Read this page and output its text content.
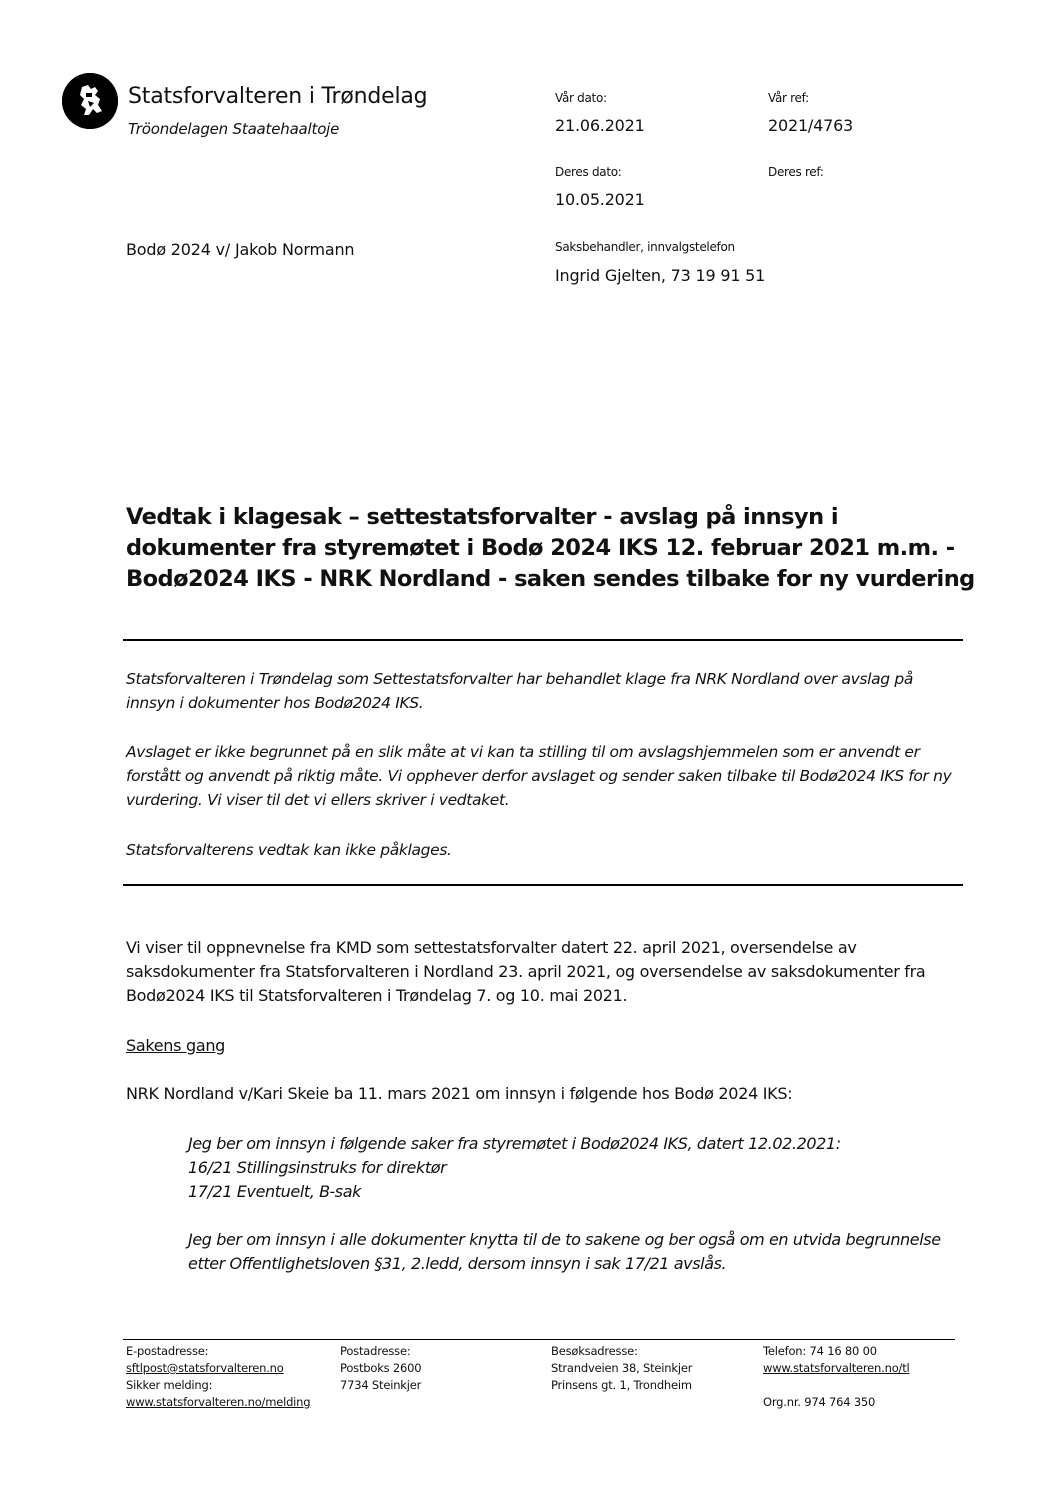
Statsforvalteren i Trøndelag
Tröondelagen Staatehaaltoje
Vår dato:
21.06.2021
Vår ref:
2021/4763
Deres dato:
10.05.2021
Deres ref:
Saksbehandler, innvalgstelefon
Ingrid Gjelten, 73 19 91 51
Bodø 2024 v/ Jakob Normann
Vedtak i klagesak – settestatsforvalter - avslag på innsyn i dokumenter fra styremøtet i Bodø 2024 IKS 12. februar 2021 m.m. - Bodø2024 IKS - NRK Nordland - saken sendes tilbake for ny vurdering
Statsforvalteren i Trøndelag som Settestatsforvalter har behandlet klage fra NRK Nordland over avslag på innsyn i dokumenter hos Bodø2024 IKS.
Avslaget er ikke begrunnet på en slik måte at vi kan ta stilling til om avslagshjemmelen som er anvendt er forstått og anvendt på riktig måte. Vi opphever derfor avslaget og sender saken tilbake til Bodø2024 IKS for ny vurdering. Vi viser til det vi ellers skriver i vedtaket.
Statsforvalterens vedtak kan ikke påklages.
Vi viser til oppnevnelse fra KMD som settestatsforvalter datert 22. april 2021, oversendelse av saksdokumenter fra Statsforvalteren i Nordland 23. april 2021, og oversendelse av saksdokumenter fra Bodø2024 IKS til Statsforvalteren i Trøndelag 7. og 10. mai 2021.
Sakens gang
NRK Nordland v/Kari Skeie ba 11. mars 2021 om innsyn i følgende hos Bodø 2024 IKS:
Jeg ber om innsyn i følgende saker fra styremøtet i Bodø2024 IKS, datert 12.02.2021:
16/21 Stillingsinstruks for direktør
17/21 Eventuelt, B-sak
Jeg ber om innsyn i alle dokumenter knytta til de to sakene og ber også om en utvida begrunnelse etter Offentlighetsloven §31, 2.ledd, dersom innsyn i sak 17/21 avslås.
E-postadresse:
sftlpost@statsforvalteren.no
Sikker melding:
www.statsforvalteren.no/melding
Postadresse:
Postboks 2600
7734 Steinkjer
Besøksadresse:
Strandveien 38, Steinkjer
Prinsens gt. 1, Trondheim
Telefon: 74 16 80 00
www.statsforvalteren.no/tl

Org.nr. 974 764 350
